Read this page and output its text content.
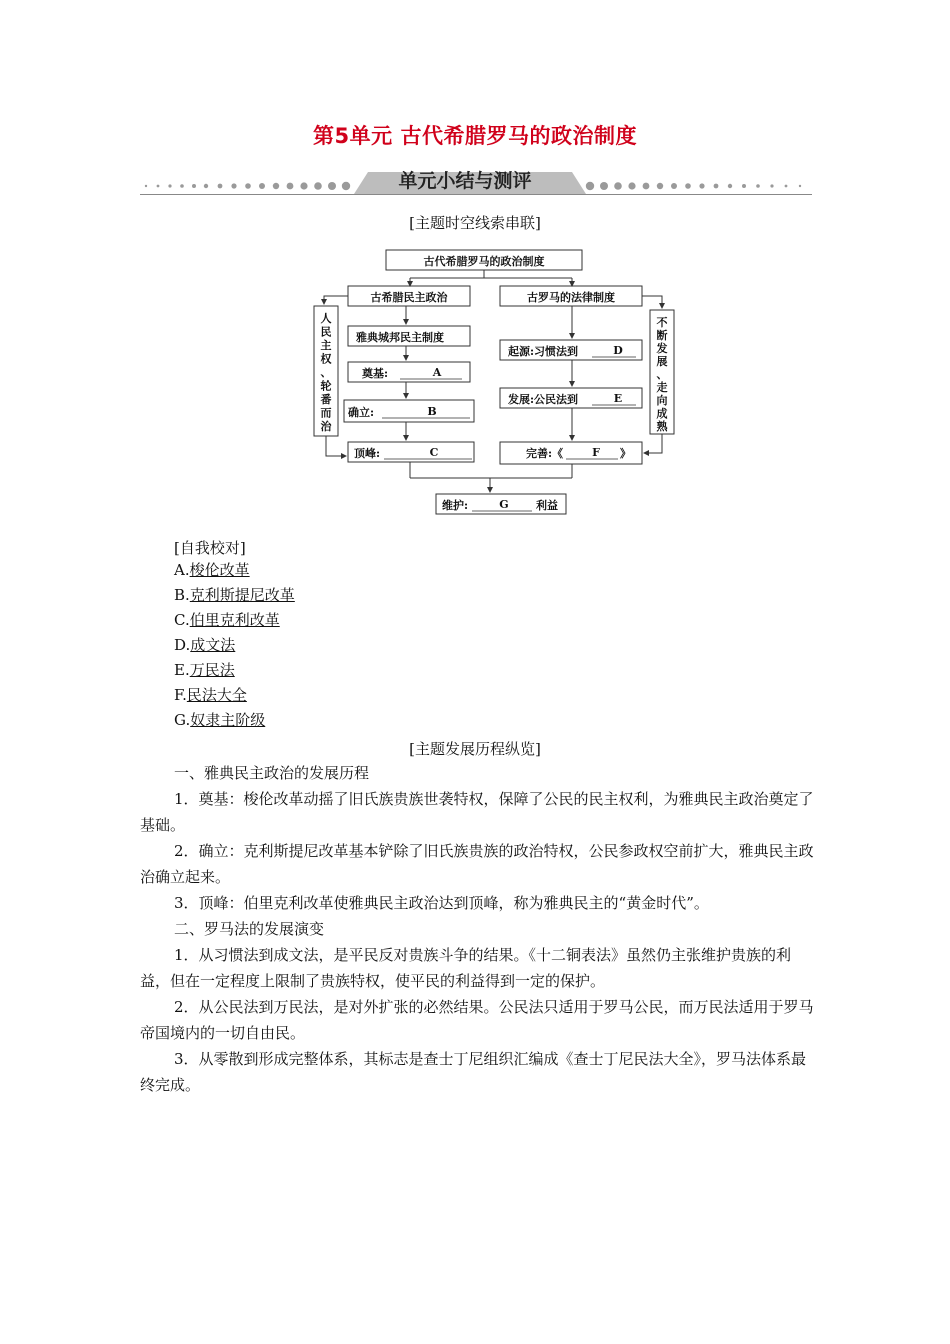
第5单元 古代希腊罗马的政治制度
单元小结与测评
[主题时空线索串联]
古代希腊罗马的政治制度
古希腊民主政治	古罗马的法律制度
雅典城邦民主制度
奠基:	A
确立:	B
顶峰:	C
起源:习惯法到	D
发展:公民法到	E
完善:《	F 》
人
民
主
权
、
轮
番
而
治
不
断
发
展
、
走
向
成
熟
维护:	G 利益
[自我校对]
A.梭伦改革
B.克利斯提尼改革
C.伯里克利改革
D.成文法
E.万民法
F.民法大全
G.奴隶主阶级
[主题发展历程纵览]
一、雅典民主政治的发展历程
1．奠基：梭伦改革动摇了旧氏族贵族世袭特权，保障了公民的民主权利，为雅典民主政治奠定了基础。
2．确立：克利斯提尼改革基本铲除了旧氏族贵族的政治特权，公民参政权空前扩大，雅典民主政治确立起来。
3．顶峰：伯里克利改革使雅典民主政治达到顶峰，称为雅典民主的“黄金时代”。
二、罗马法的发展演变
1．从习惯法到成文法，是平民反对贵族斗争的结果。《十二铜表法》虽然仍主张维护贵族的利益，但在一定程度上限制了贵族特权，使平民的利益得到一定的保护。
2．从公民法到万民法，是对外扩张的必然结果。公民法只适用于罗马公民，而万民法适用于罗马帝国境内的一切自由民。
3．从零散到形成完整体系，其标志是查士丁尼组织汇编成《查士丁尼民法大全》，罗马法体系最终完成。
